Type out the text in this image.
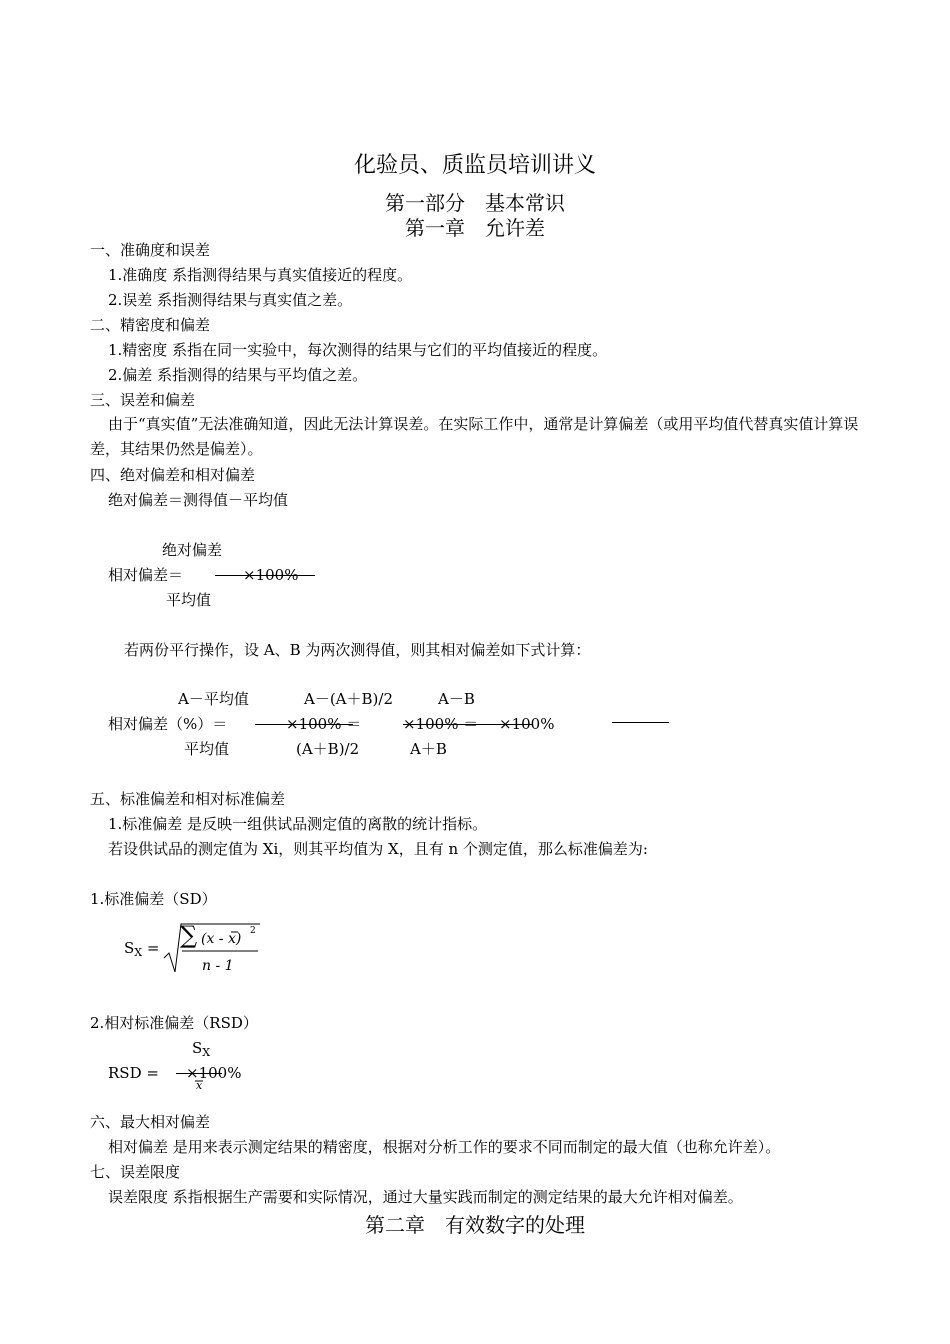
化验员、质监员培训讲义
第一部分　基本常识
第一章　允许差
一、准确度和误差
1.准确度 系指测得结果与真实值接近的程度。
2.误差 系指测得结果与真实值之差。
二、精密度和偏差
1.精密度 系指在同一实验中，每次测得的结果与它们的平均值接近的程度。
2.偏差 系指测得的结果与平均值之差。
三、误差和偏差
由于“真实值”无法准确知道，因此无法计算误差。在实际工作中，通常是计算偏差（或用平均值代替真实值计算误差，其结果仍然是偏差）。
四、绝对偏差和相对偏差
绝对偏差＝测得值－平均值
绝对偏差
相对偏差＝	×100%
平均值
若两份平行操作，设 A、B 为两次测得值，则其相对偏差如下式计算：
A－平均值	A－(A＋B)/2	A－B
相对偏差（%）＝	×100% ＝	×100% ＝ ×100%
平均值	(A＋B)/2	A＋B
五、标准偏差和相对标准偏差
1.标准偏差 是反映一组供试品测定值的离散的统计指标。
若设供试品的测定值为 Xi，则其平均值为 X，且有 n 个测定值，那么标准偏差为:
1.标准偏差（SD）
$S_X$ = ∑ (x - x) 2
n - 1
2.相对标准偏差（RSD）
$S_X$
RSD = ×100%
x
六、最大相对偏差
相对偏差 是用来表示测定结果的精密度，根据对分析工作的要求不同而制定的最大值（也称允许差）。
七、误差限度
误差限度 系指根据生产需要和实际情况，通过大量实践而制定的测定结果的最大允许相对偏差。
第二章　有效数字的处理
